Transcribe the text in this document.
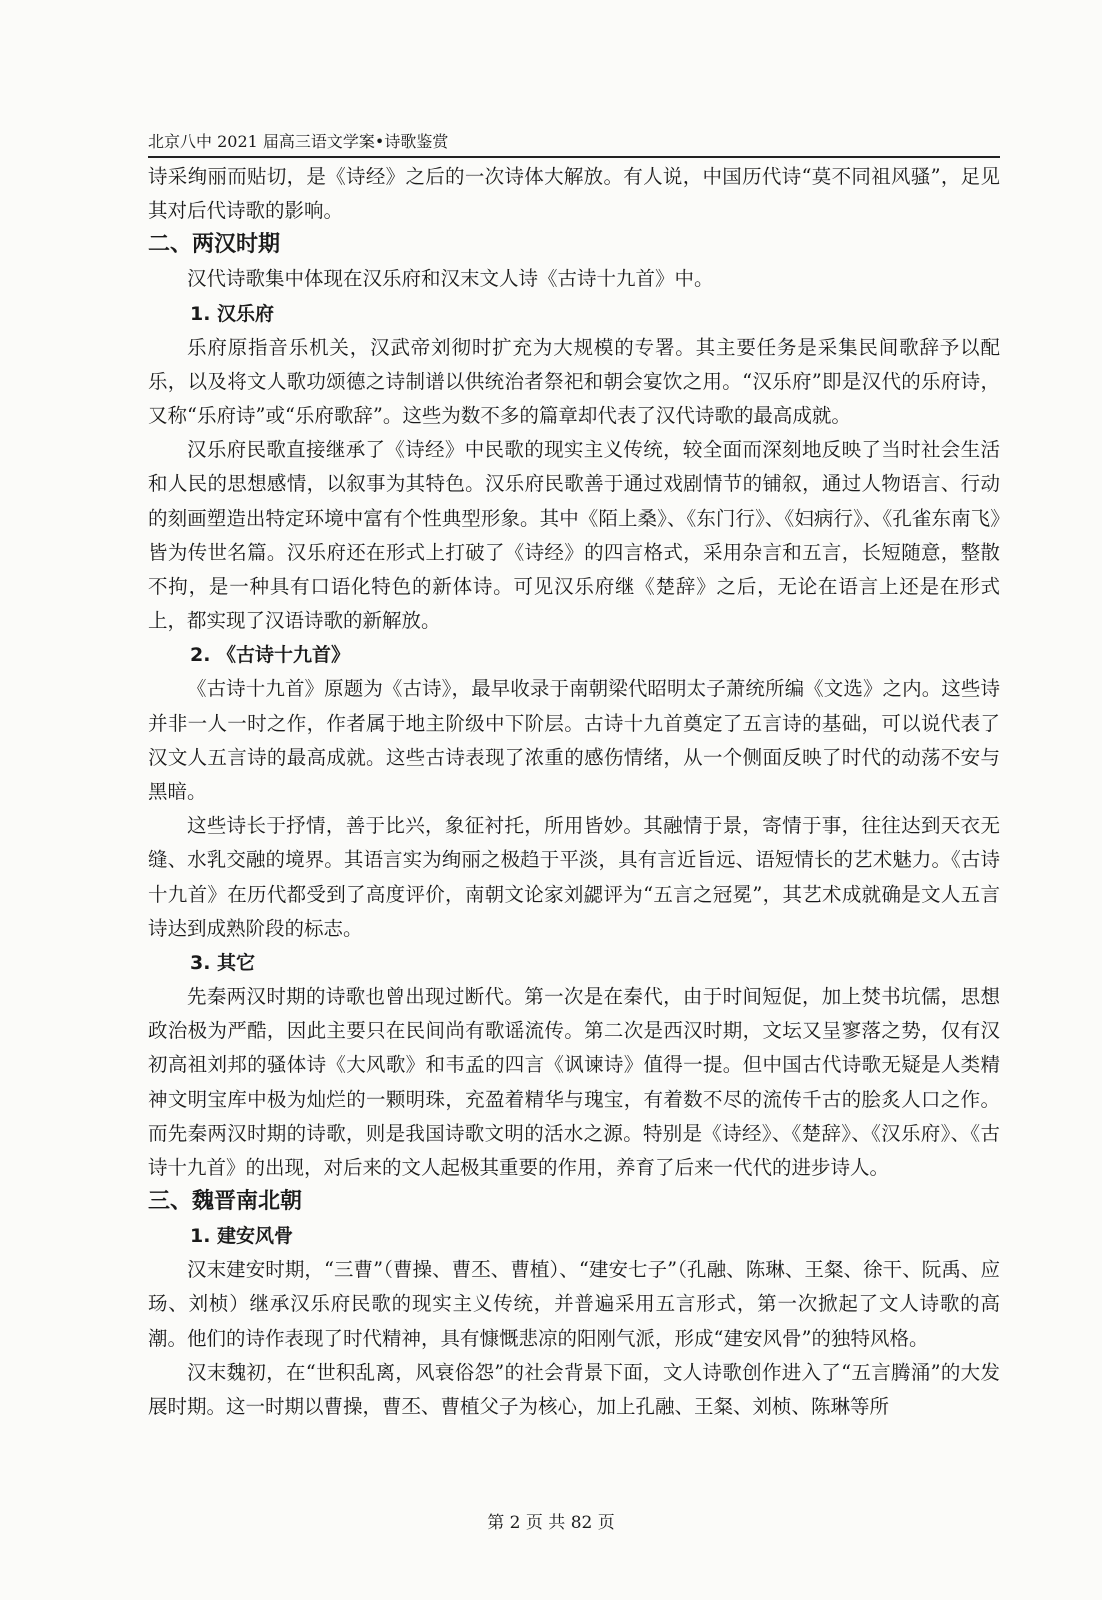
北京八中 2021 届高三语文学案•诗歌鉴赏

诗采绚丽而贴切，是《诗经》之后的一次诗体大解放。有人说，中国历代诗“莫不同祖风骚”，足见其对后代诗歌的影响。

二、两汉时期

汉代诗歌集中体现在汉乐府和汉末文人诗《古诗十九首》中。

1. 汉乐府

乐府原指音乐机关，汉武帝刘彻时扩充为大规模的专署。其主要任务是采集民间歌辞予以配乐，以及将文人歌功颂德之诗制谱以供统治者祭祀和朝会宴饮之用。“汉乐府”即是汉代的乐府诗，又称“乐府诗”或“乐府歌辞”。这些为数不多的篇章却代表了汉代诗歌的最高成就。

汉乐府民歌直接继承了《诗经》中民歌的现实主义传统，较全面而深刻地反映了当时社会生活和人民的思想感情，以叙事为其特色。汉乐府民歌善于通过戏剧情节的铺叙，通过人物语言、行动的刻画塑造出特定环境中富有个性典型形象。其中《陌上桑》、《东门行》、《妇病行》、《孔雀东南飞》皆为传世名篇。汉乐府还在形式上打破了《诗经》的四言格式，采用杂言和五言，长短随意，整散不拘，是一种具有口语化特色的新体诗。可见汉乐府继《楚辞》之后，无论在语言上还是在形式上，都实现了汉语诗歌的新解放。

2. 《古诗十九首》

《古诗十九首》原题为《古诗》，最早收录于南朝梁代昭明太子萧统所编《文选》之内。这些诗并非一人一时之作，作者属于地主阶级中下阶层。古诗十九首奠定了五言诗的基础，可以说代表了汉文人五言诗的最高成就。这些古诗表现了浓重的感伤情绪，从一个侧面反映了时代的动荡不安与黑暗。

这些诗长于抒情，善于比兴，象征衬托，所用皆妙。其融情于景，寄情于事，往往达到天衣无缝、水乳交融的境界。其语言实为绚丽之极趋于平淡，具有言近旨远、语短情长的艺术魅力。《古诗十九首》在历代都受到了高度评价，南朝文论家刘勰评为“五言之冠冕”，其艺术成就确是文人五言诗达到成熟阶段的标志。

3. 其它

先秦两汉时期的诗歌也曾出现过断代。第一次是在秦代，由于时间短促，加上焚书坑儒，思想政治极为严酷，因此主要只在民间尚有歌谣流传。第二次是西汉时期，文坛又呈寥落之势，仅有汉初高祖刘邦的骚体诗《大风歌》和韦孟的四言《讽谏诗》值得一提。但中国古代诗歌无疑是人类精神文明宝库中极为灿烂的一颗明珠，充盈着精华与瑰宝，有着数不尽的流传千古的脍炙人口之作。而先秦两汉时期的诗歌，则是我国诗歌文明的活水之源。特别是《诗经》、《楚辞》、《汉乐府》、《古诗十九首》的出现，对后来的文人起极其重要的作用，养育了后来一代代的进步诗人。

三、魏晋南北朝
1. 建安风骨

汉末建安时期，“三曹”（曹操、曹丕、曹植）、“建安七子”（孔融、陈琳、王粲、徐干、阮禹、应玚、刘桢）继承汉乐府民歌的现实主义传统，并普遍采用五言形式，第一次掀起了文人诗歌的高潮。他们的诗作表现了时代精神，具有慷慨悲凉的阳刚气派，形成“建安风骨”的独特风格。

汉末魏初，在“世积乱离，风衰俗怨”的社会背景下面，文人诗歌创作进入了“五言腾涌”的大发展时期。这一时期以曹操，曹丕、曹植父子为核心，加上孔融、王粲、刘桢、陈琳等所

第 2 页 共 82 页
